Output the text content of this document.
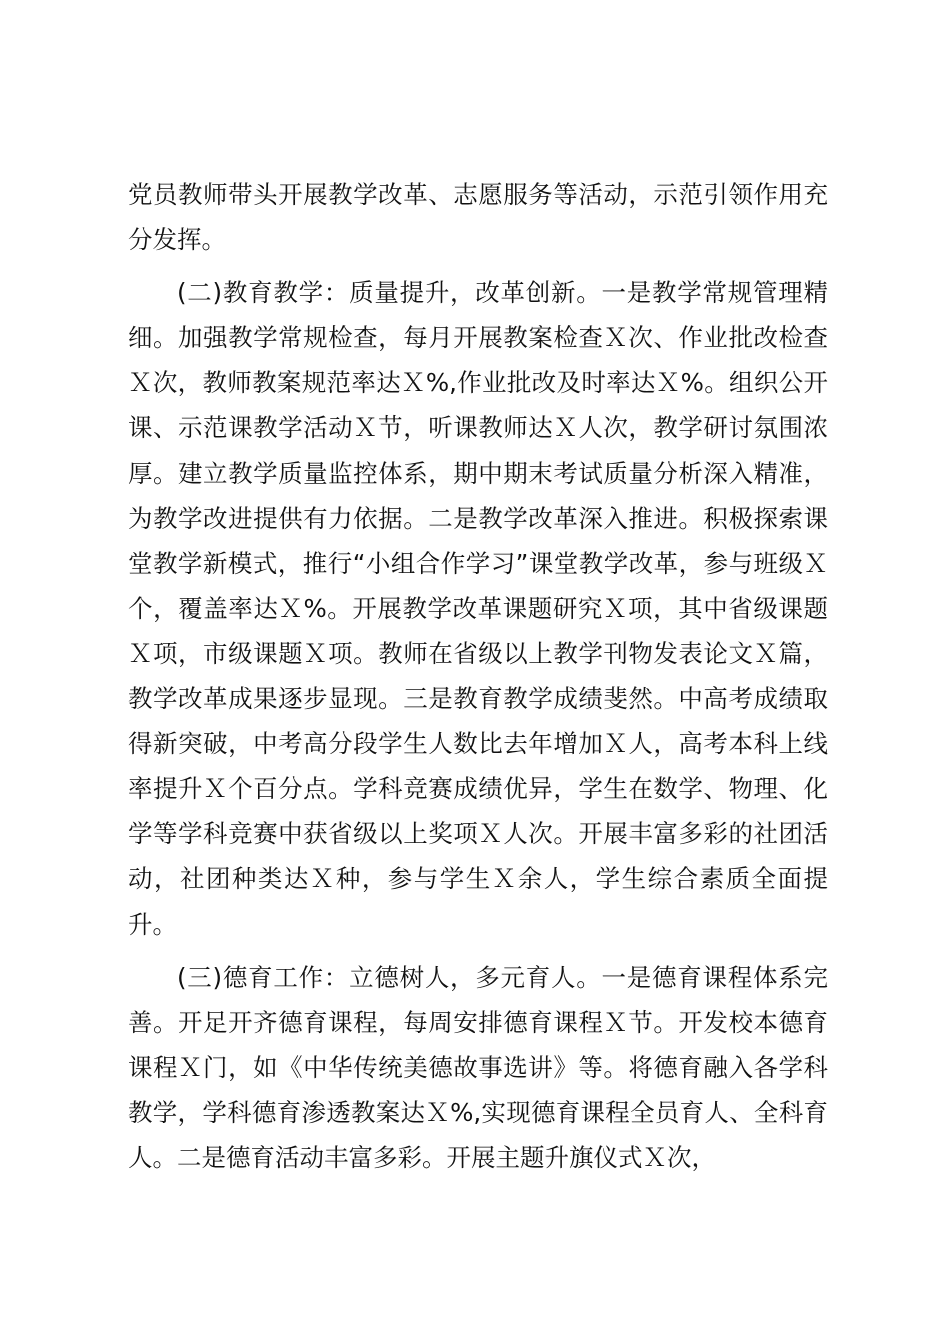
党员教师带头开展教学改革、志愿服务等活动，示范引领作用充分发挥。

(二)教育教学：质量提升，改革创新。一是教学常规管理精细。加强教学常规检查，每月开展教案检查Ｘ次、作业批改检查Ｘ次，教师教案规范率达Ｘ%,作业批改及时率达Ｘ%。组织公开课、示范课教学活动Ｘ节，听课教师达Ｘ人次，教学研讨氛围浓厚。建立教学质量监控体系，期中期末考试质量分析深入精准，为教学改进提供有力依据。二是教学改革深入推进。积极探索课堂教学新模式，推行“小组合作学习”课堂教学改革，参与班级Ｘ个，覆盖率达Ｘ%。开展教学改革课题研究Ｘ项，其中省级课题Ｘ项，市级课题Ｘ项。教师在省级以上教学刊物发表论文Ｘ篇，教学改革成果逐步显现。三是教育教学成绩斐然。中高考成绩取得新突破，中考高分段学生人数比去年增加Ｘ人，高考本科上线率提升Ｘ个百分点。学科竞赛成绩优异，学生在数学、物理、化学等学科竞赛中获省级以上奖项Ｘ人次。开展丰富多彩的社团活动，社团种类达Ｘ种，参与学生Ｘ余人，学生综合素质全面提升。

(三)德育工作：立德树人，多元育人。一是德育课程体系完善。开足开齐德育课程，每周安排德育课程Ｘ节。开发校本德育课程Ｘ门，如《中华传统美德故事选讲》等。将德育融入各学科教学，学科德育渗透教案达Ｘ%,实现德育课程全员育人、全科育人。二是德育活动丰富多彩。开展主题升旗仪式Ｘ次，
